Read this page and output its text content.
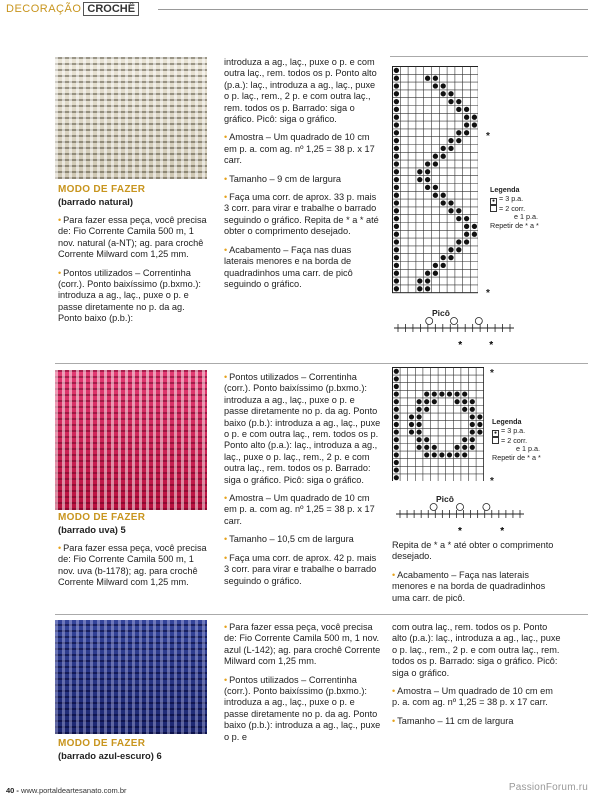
DECORAÇÃO CROCHÊ
MODO DE FAZER
(barrado natural)

• Para fazer essa peça, você precisa de: Fio Corrente Camila 500 m, 1 nov. natural (a-NT); ag. para crochê Corrente Milward com 1,25 mm.

• Pontos utilizados – Correntinha (corr.). Ponto baixíssimo (p.bxmo.): introduza a ag., laç., puxe o p. e passe diretamente no p. da ag. Ponto baixo (p.b.):

introduza a ag., laç., puxe o p. e com outra laç., rem. todos os p. Ponto alto (p.a.): laç., introduza a ag., laç., puxe o p. laç., rem., 2 p. e com outra laç., rem. todos os p. Barrado: siga o gráfico. Picô: siga o gráfico.

• Amostra – Um quadrado de 10 cm em p. a. com ag. nº 1,25 = 38 p. x 17 carr.

• Tamanho – 9 cm de largura

• Faça uma corr. de aprox. 33 p. mais 3 corr. para virar e trabalhe o barrado seguindo o gráfico. Repita de * a * até obter o comprimento desejado.

• Acabamento – Faça nas duas laterais menores e na borda de quadradinhos uma carr. de picô seguindo o gráfico.

*
*
Legenda
●= 3 p.a.
= 2 corr.
e 1 p.a.
Repetir de * a *
Picô
*	*
MODO DE FAZER
(barrado uva) 5

• Para fazer essa peça, você precisa de: Fio Corrente Camila 500 m, 1 nov. uva (b-1178); ag. para crochê Corrente Milward com 1,25 mm.

• Pontos utilizados – Correntinha (corr.). Ponto baixíssimo (p.bxmo.): introduza a ag., laç., puxe o p. e passe diretamente no p. da ag. Ponto baixo (p.b.): introduza a ag., laç., puxe o p. e com outra laç., rem. todos os p. Ponto alto (p.a.): laç., introduza a ag., laç., puxe o p. laç., rem., 2 p. e com outra laç., rem. todos os p. Barrado: siga o gráfico. Picô: siga o gráfico.

• Amostra – Um quadrado de 10 cm em p. a. com ag. nº 1,25 = 38 p. x 17 carr.

• Tamanho – 10,5 cm de largura

• Faça uma corr. de aprox. 42 p. mais 3 corr. para virar e trabalhe o barrado seguindo o gráfico.

*
*
Legenda
●= 3 p.a.
= 2 corr.
e 1 p.a.
Repetir de * a *
Picô
*	*

Repita de * a * até obter o comprimento desejado.

• Acabamento – Faça nas laterais menores e na borda de quadradinhos uma carr. de picô.

MODO DE FAZER
(barrado azul-escuro) 6

• Para fazer essa peça, você precisa de: Fio Corrente Camila 500 m, 1 nov. azul (L-142); ag. para crochê Corrente Milward com 1,25 mm.

• Pontos utilizados – Correntinha (corr.). Ponto baixíssimo (p.bxmo.): introduza a ag., laç., puxe o p. e passe diretamente no p. da ag. Ponto baixo (p.b.): introduza a ag., laç., puxe o p. e

com outra laç., rem. todos os p. Ponto alto (p.a.): laç., introduza a ag., laç., puxe o p. laç., rem., 2 p. e com outra laç., rem. todos os p. Barrado: siga o gráfico. Picô: siga o gráfico.

• Amostra – Um quadrado de 10 cm em p. a. com ag. nº 1,25 = 38 p. x 17 carr.

• Tamanho – 11 cm de largura

40 - www.portaldeartesanato.com.br	PassionForum.ru
